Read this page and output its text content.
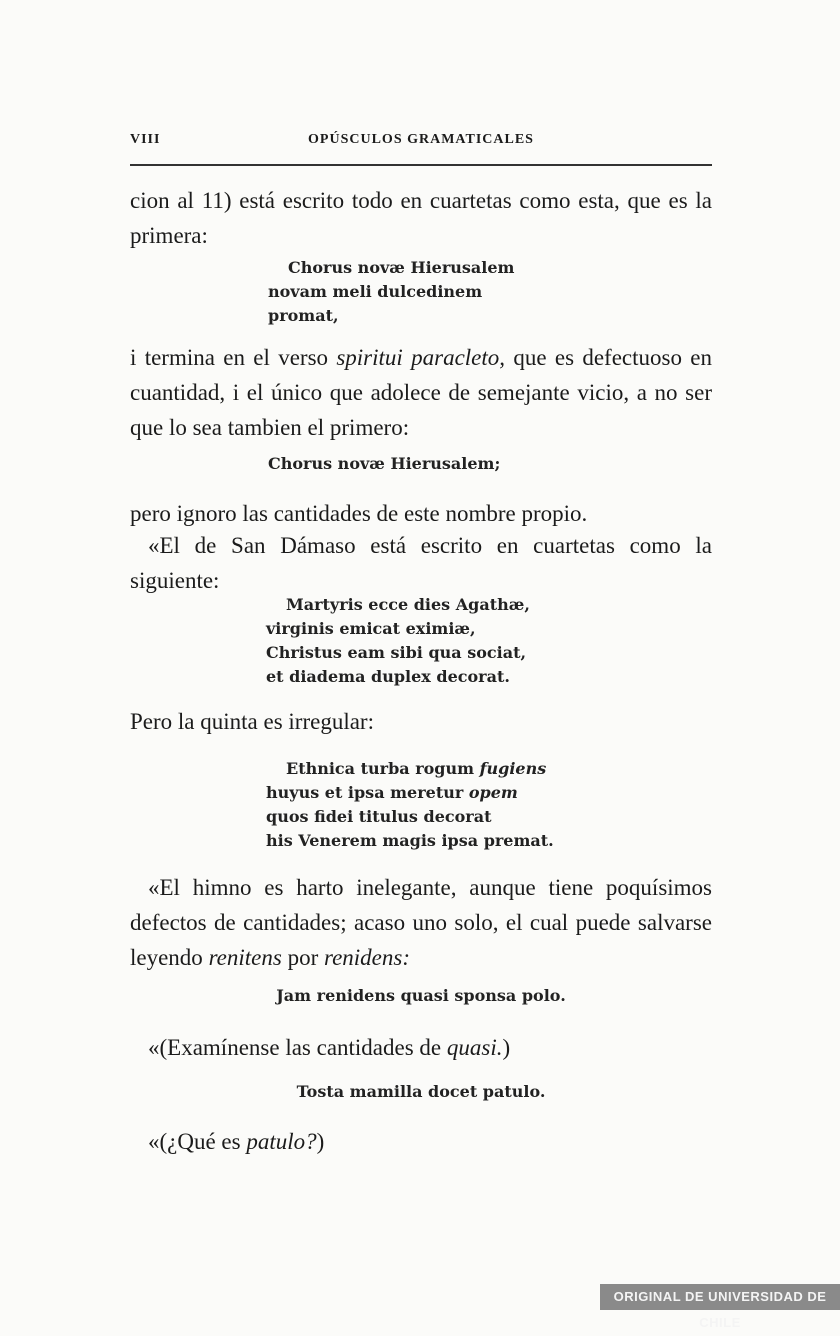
VIII	OPÚSCULOS GRAMATICALES

cion al 11) está escrito todo en cuartetas como esta, que es la primera:

Chorus novæ Hierusalem
novam meli dulcedinem
promat,

i termina en el verso spiritui paracleto, que es defectuoso en cuantidad, i el único que adolece de semejante vicio, a no ser que lo sea tambien el primero:

Chorus novæ Hierusalem;

pero ignoro las cantidades de este nombre propio.

«El de San Dámaso está escrito en cuartetas como la siguiente:

Martyris ecce dies Agathæ,
virginis emicat eximiæ,
Christus eam sibi qua sociat,
et diadema duplex decorat.

Pero la quinta es irregular:

Ethnica turba rogum fugiens
huyus et ipsa meretur opem
quos fidei titulus decorat
his Venerem magis ipsa premat.

«El himno es harto inelegante, aunque tiene poquísimos defectos de cantidades; acaso uno solo, el cual puede salvarse leyendo renitens por renidens:

Jam renidens quasi sponsa polo.

«(Examínense las cantidades de quasi.)

Tosta mamilla docet patulo.

«(¿Qué es patulo?)

ORIGINAL DE UNIVERSIDAD DE CHILE
